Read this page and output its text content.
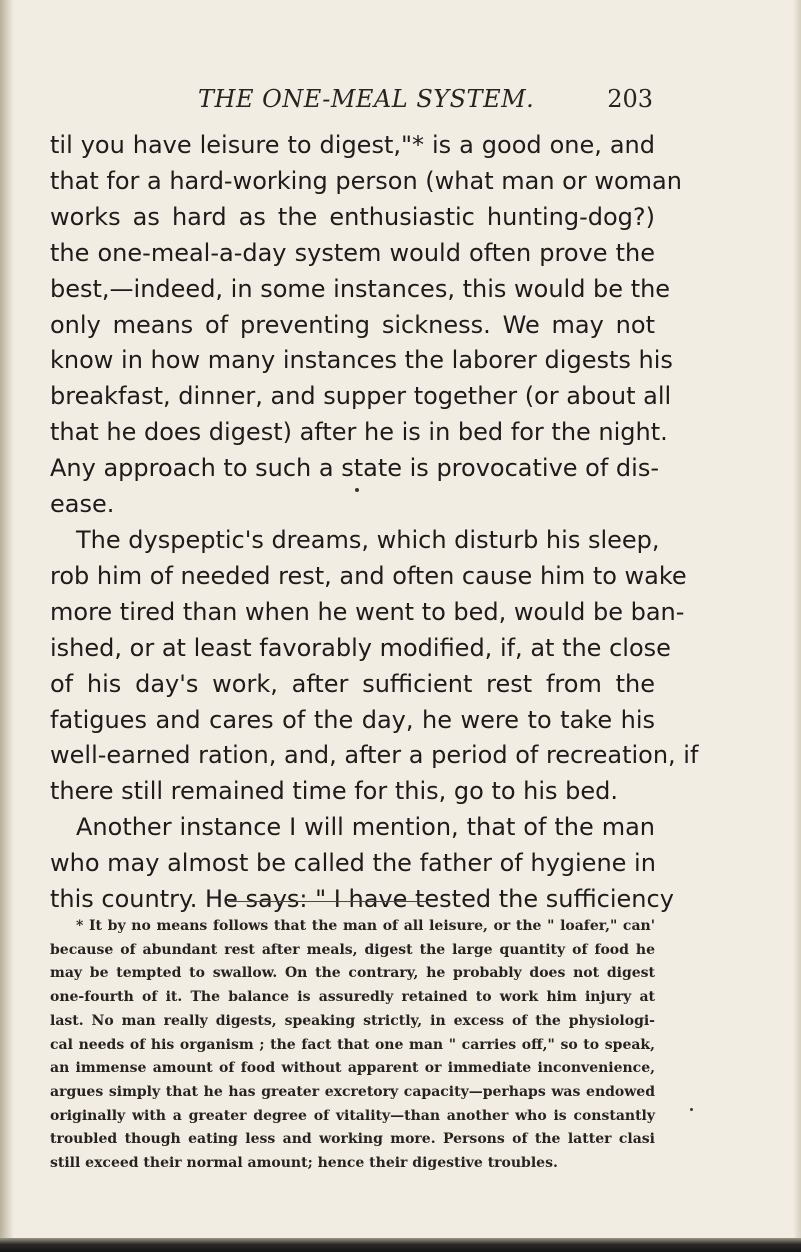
THE ONE-MEAL SYSTEM.	203
til you have leisure to digest,"* is a good one, and
that for a hard-working person (what man or woman
works as hard as the enthusiastic hunting-dog?)
the one-meal-a-day system would often prove the
best,—indeed, in some instances, this would be the
only means of preventing sickness. We may not
know in how many instances the laborer digests his
breakfast, dinner, and supper together (or about all
that he does digest) after he is in bed for the night.
Any approach to such a state is provocative of dis-
ease.
The dyspeptic's dreams, which disturb his sleep,
rob him of needed rest, and often cause him to wake
more tired than when he went to bed, would be ban-
ished, or at least favorably modified, if, at the close
of his day's work, after sufficient rest from the
fatigues and cares of the day, he were to take his
well-earned ration, and, after a period of recreation, if
there still remained time for this, go to his bed.
Another instance I will mention, that of the man
who may almost be called the father of hygiene in
this country. He says: " I have tested the sufficiency
* It by no means follows that the man of all leisure, or the " loafer," can'
because of abundant rest after meals, digest the large quantity of food he
may be tempted to swallow. On the contrary, he probably does not digest
one-fourth of it. The balance is assuredly retained to work him injury at
last. No man really digests, speaking strictly, in excess of the physiologi-
cal needs of his organism ; the fact that one man " carries off," so to speak,
an immense amount of food without apparent or immediate inconvenience,
argues simply that he has greater excretory capacity—perhaps was endowed
originally with a greater degree of vitality—than another who is constantly
troubled though eating less and working more. Persons of the latter clasi
still exceed their normal amount; hence their digestive troubles.
